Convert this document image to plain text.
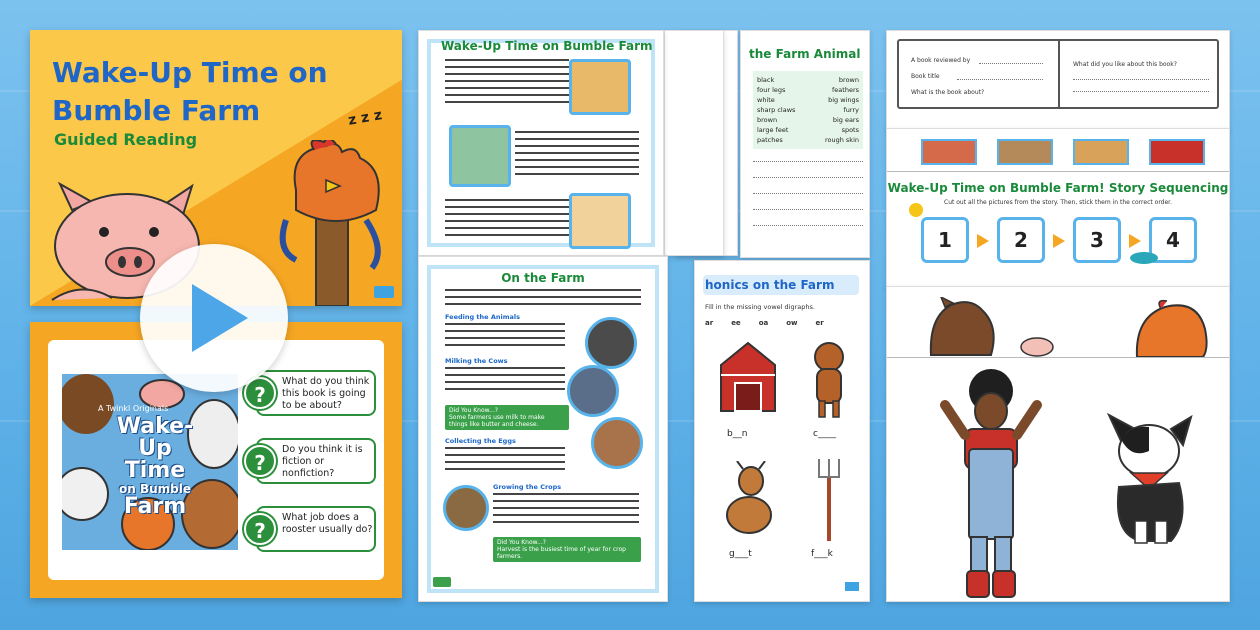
Wake-Up Time on Bumble Farm
Guided Reading
z z z
A Twinkl Originals
Wake-Up
Time
on Bumble
Farm
?
What do you think this book is going to be about?
?
Do you think it is fiction or nonfiction?
?
What job does a rooster usually do?
Wake-Up Time on Bumble Farm
On the Farm
Feeding the Animals
Milking the Cows
Did You Know...?
Some farmers use milk to make things like butter and cheese.
Collecting the Eggs
Growing the Crops
Did You Know...?
Harvest is the busiest time of year for crop farmers.
the Farm Animal
black	brown
four legs	feathers
white	big wings
sharp claws	furry
brown	big ears
large feet	spots
patches	rough skin
honics on the Farm
Fill in the missing vowel digraphs.
ar	ee	oa	ow	er
b__n	c____
g___t	f___k
A book reviewed by
Book title
What is the book about?
What did you like about this book?
Wake-Up Time on Bumble Farm! Story Sequencing
Cut out all the pictures from the story. Then, stick them in the correct order.
1	2	3	4
